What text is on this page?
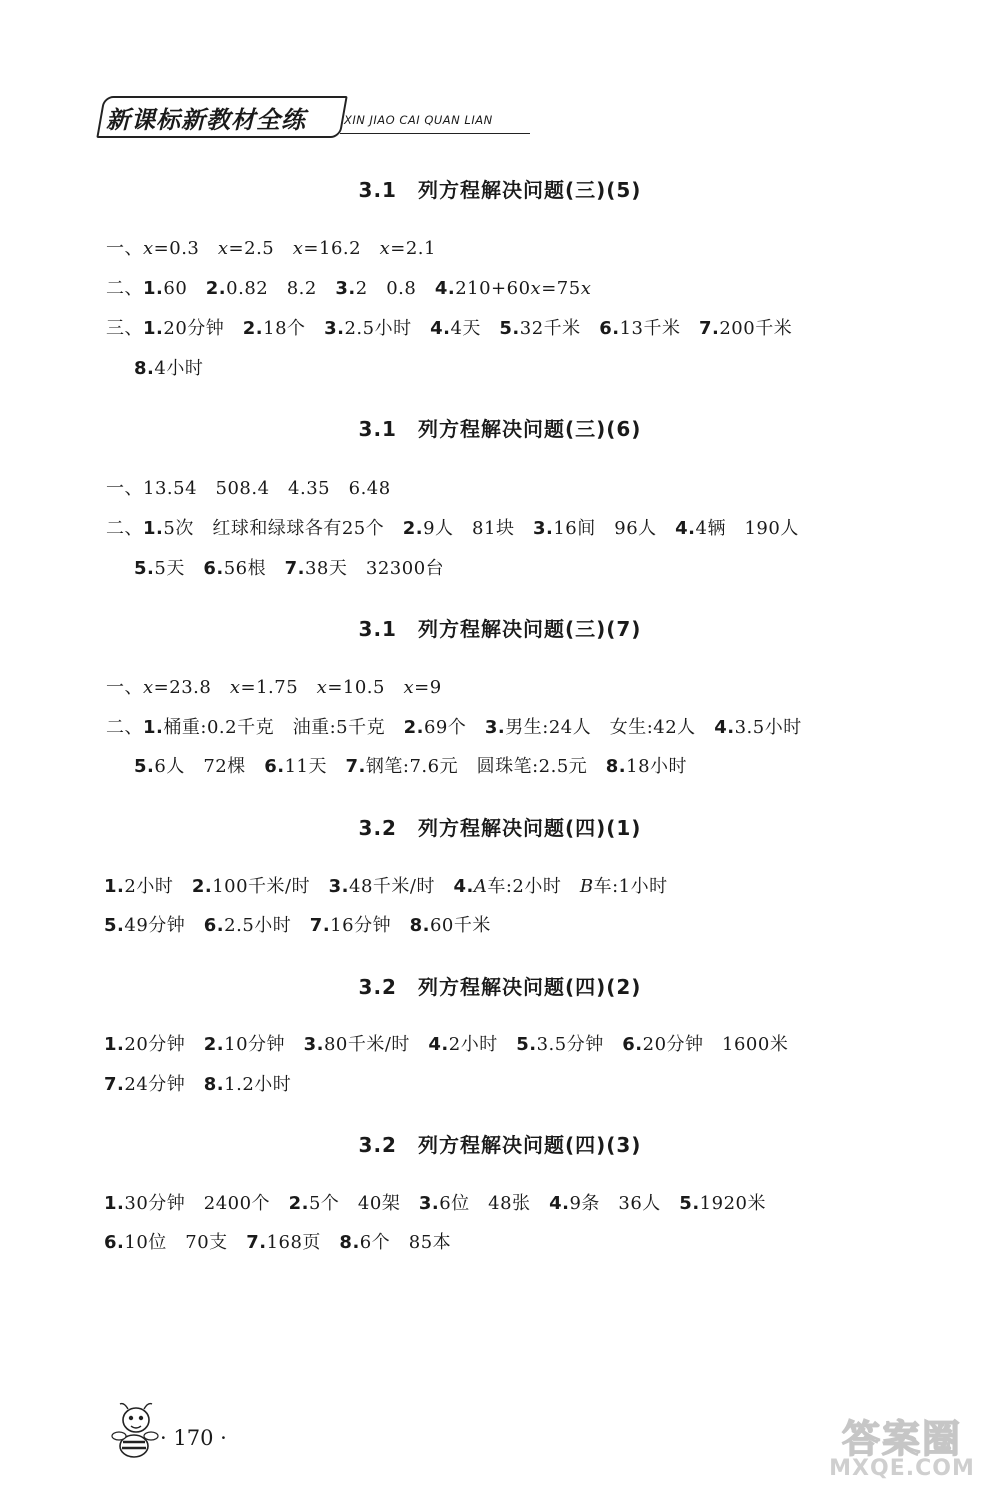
新课标新教材全练	XIN JIAO CAI QUAN LIAN
3.1　列方程解决问题(三)(5)
一、x=0.3　x=2.5　x=16.2　x=2.1
二、1.60　2.0.82　8.2　3.2　0.8　4.210+60x=75x
三、1.20分钟　2.18个　3.2.5小时　4.4天　5.32千米　6.13千米　7.200千米
8.4小时
3.1　列方程解决问题(三)(6)
一、13.54　508.4　4.35　6.48
二、1.5次　红球和绿球各有25个　2.9人　81块　3.16间　96人　4.4辆　190人
5.5天　6.56根　7.38天　32300台
3.1　列方程解决问题(三)(7)
一、x=23.8　x=1.75　x=10.5　x=9
二、1.桶重:0.2千克　油重:5千克　2.69个　3.男生:24人　女生:42人　4.3.5小时
5.6人　72棵　6.11天　7.钢笔:7.6元　圆珠笔:2.5元　8.18小时
3.2　列方程解决问题(四)(1)
1.2小时　2.100千米/时　3.48千米/时　4.A车:2小时　B车:1小时
5.49分钟　6.2.5小时　7.16分钟　8.60千米
3.2　列方程解决问题(四)(2)
1.20分钟　2.10分钟　3.80千米/时　4.2小时　5.3.5分钟　6.20分钟　1600米
7.24分钟　8.1.2小时
3.2　列方程解决问题(四)(3)
1.30分钟　2400个　2.5个　40架　3.6位　48张　4.9条　36人　5.1920米
6.10位　70支　7.168页　8.6个　85本
· 170 ·	答案圈
MXQE.COM
